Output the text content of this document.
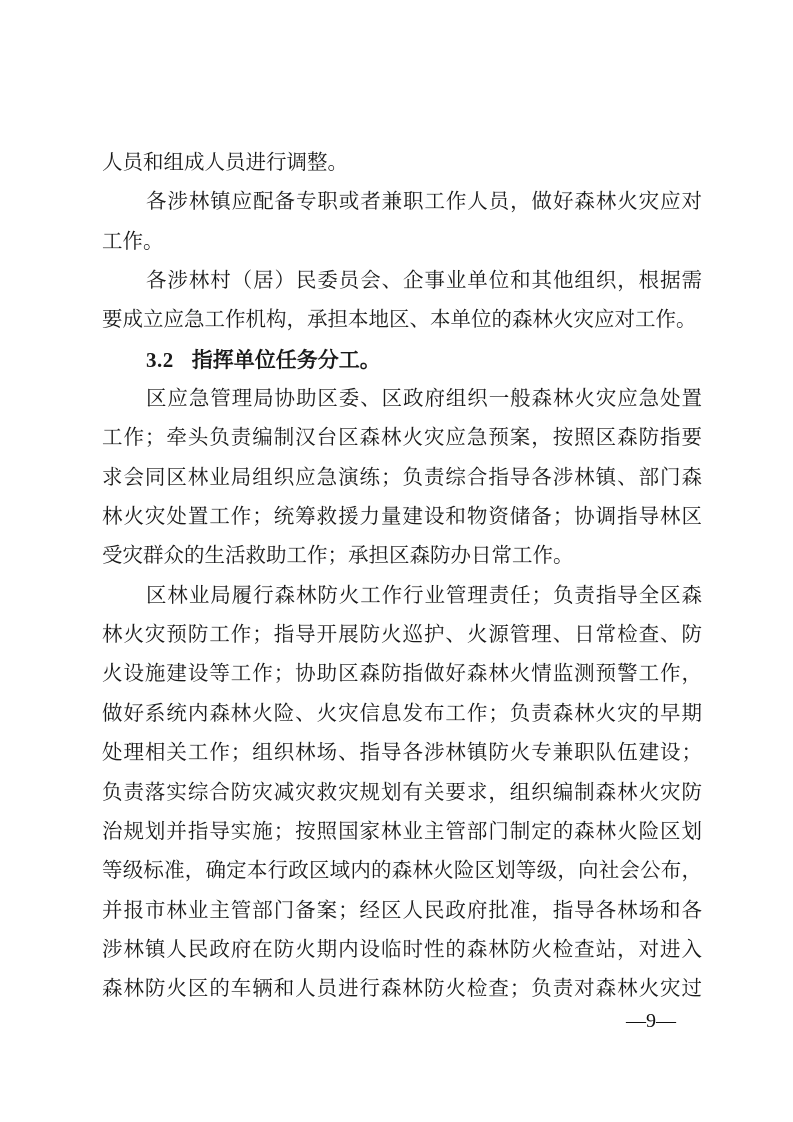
人员和组成人员进行调整。
各涉林镇应配备专职或者兼职工作人员，做好森林火灾应对
工作。
各涉林村（居）民委员会、企事业单位和其他组织，根据需
要成立应急工作机构，承担本地区、本单位的森林火灾应对工作。
3.2 指挥单位任务分工。
区应急管理局协助区委、区政府组织一般森林火灾应急处置
工作；牵头负责编制汉台区森林火灾应急预案，按照区森防指要
求会同区林业局组织应急演练；负责综合指导各涉林镇、部门森
林火灾处置工作；统筹救援力量建设和物资储备；协调指导林区
受灾群众的生活救助工作；承担区森防办日常工作。
区林业局履行森林防火工作行业管理责任；负责指导全区森
林火灾预防工作；指导开展防火巡护、火源管理、日常检查、防
火设施建设等工作；协助区森防指做好森林火情监测预警工作，
做好系统内森林火险、火灾信息发布工作；负责森林火灾的早期
处理相关工作；组织林场、指导各涉林镇防火专兼职队伍建设；
负责落实综合防灾减灾救灾规划有关要求，组织编制森林火灾防
治规划并指导实施；按照国家林业主管部门制定的森林火险区划
等级标准，确定本行政区域内的森林火险区划等级，向社会公布，
并报市林业主管部门备案；经区人民政府批准，指导各林场和各
涉林镇人民政府在防火期内设临时性的森林防火检查站，对进入
森林防火区的车辆和人员进行森林防火检查；负责对森林火灾过
—9—
